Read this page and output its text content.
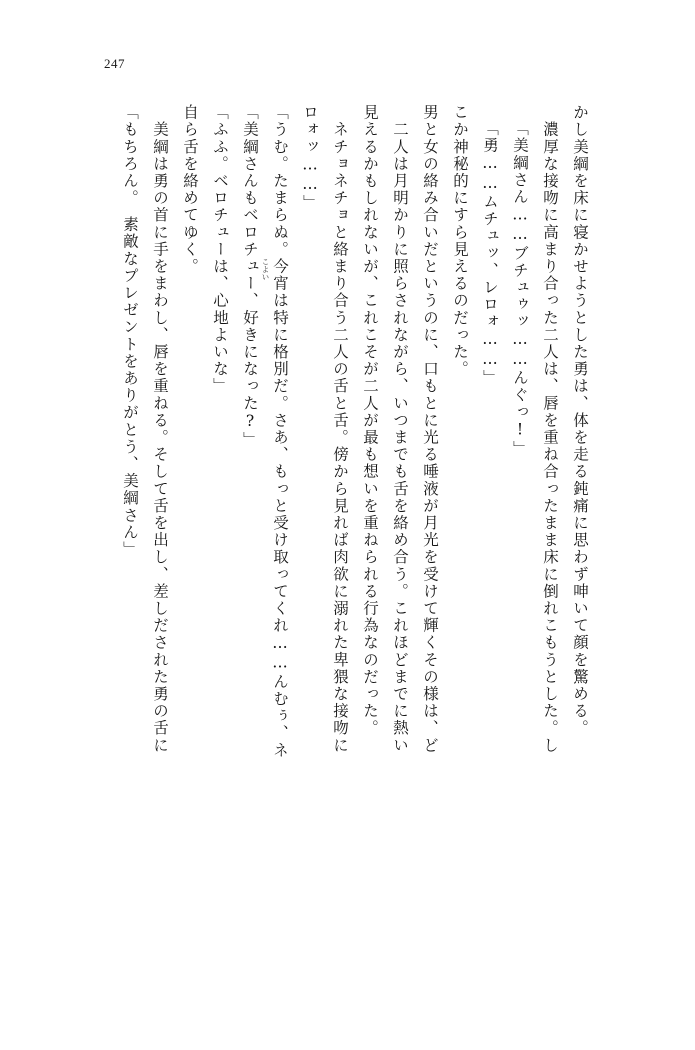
247
「もちろん。　素敵なプレゼントをありがとう、美綱さん」 　美綱は勇の首に手をまわし、唇を重ねる。そして舌を出し、差しだされた勇の舌に 自ら舌を絡めてゆく。 「ふふ。ベロチューは、心地よいな」 「美綱さんもベロチュー、好きになった?」 「うむ。たまらぬ。今宵は特に格別だ。さあ、もっと受け取ってくれ……んむぅ、ネ ロォッ……」 　ネチョネチョと絡まり合う二人の舌と舌。傍から見れば肉欲に溺れた卑猥な接吻に 見えるかもしれないが、これこそが二人が最も想いを重ねられる行為なのだった。 　二人は月明かりに照らされながら、いつまでも舌を絡め合う。これほどまでに熱い 男と女の絡み合いだというのに、口もとに光る唾液が月光を受けて輝くその様は、ど こか神秘的にすら見えるのだった。 「勇……ムチュッ、レロォ……」 「美綱さん……ブチュゥッ……んぐっ!」 　濃厚な接吻に高まり合った二人は、唇を重ね合ったまま床に倒れこもうとした。し かし美綱を床に寝かせようとした勇は、体を走る鈍痛に思わず呻いて顔を驚める。
こよい
